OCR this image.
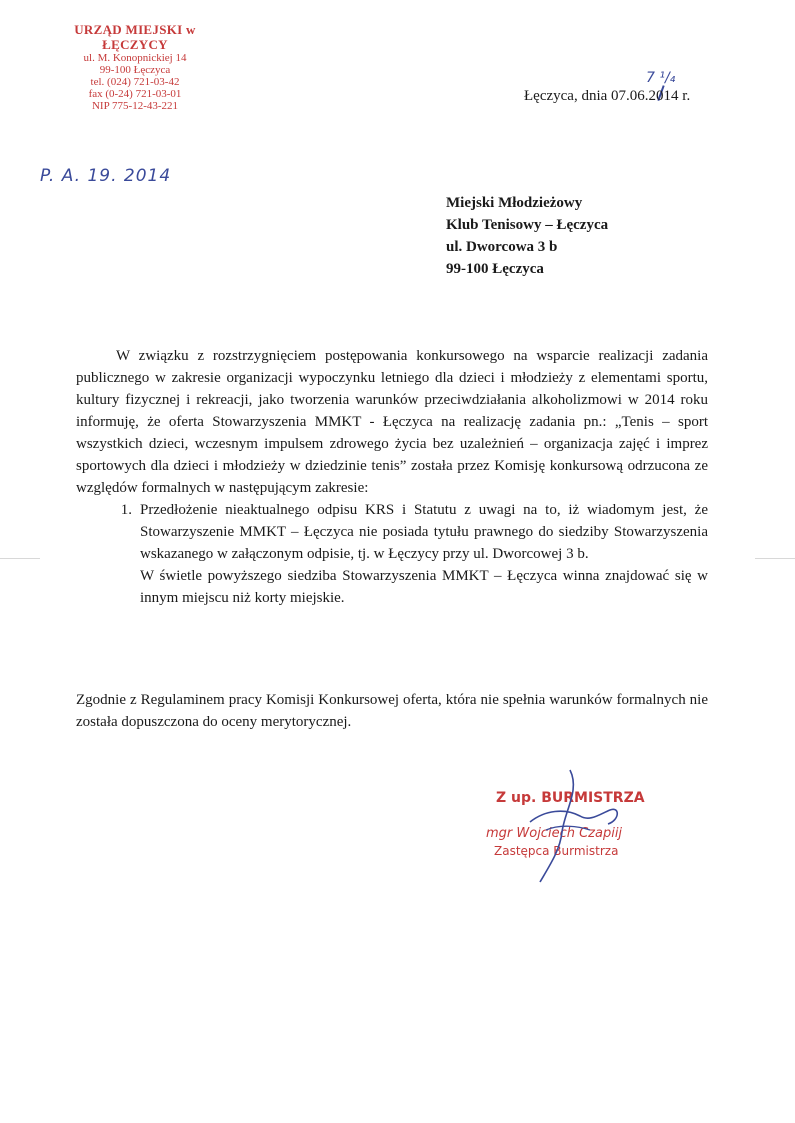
URZĄD MIEJSKI w ŁĘCZYCY
ul. M. Konopnickiej 14
99-100 Łęczyca
tel. (024) 721-03-42
fax (0-24) 721-03-01
NIP 775-12-43-221
7 ¹/₄
Łęczyca, dnia 07.06.2014 r.
P. A. 19. 2014
Miejski Młodzieżowy
Klub Tenisowy – Łęczyca
ul. Dworcowa 3 b
99-100 Łęczyca

W związku z rozstrzygnięciem postępowania konkursowego na wsparcie realizacji zadania publicznego w zakresie organizacji wypoczynku letniego dla dzieci i młodzieży z elementami sportu, kultury fizycznej i rekreacji, jako tworzenia warunków przeciwdziałania alkoholizmowi w 2014 roku informuję, że oferta Stowarzyszenia MMKT - Łęczyca na realizację zadania pn.: „Tenis – sport wszystkich dzieci, wczesnym impulsem zdrowego życia bez uzależnień – organizacja zajęć i imprez sportowych dla dzieci i młodzieży w dziedzinie tenis” została przez Komisję konkursową odrzucona ze względów formalnych w następującym zakresie:

1. Przedłożenie nieaktualnego odpisu KRS i Statutu z uwagi na to, iż wiadomym jest, że Stowarzyszenie MMKT – Łęczyca nie posiada tytułu prawnego do siedziby Stowarzyszenia wskazanego w załączonym odpisie, tj. w Łęczycy przy ul. Dworcowej 3 b.

W świetle powyższego siedziba Stowarzyszenia MMKT – Łęczyca winna znajdować się w innym miejscu niż korty miejskie.

Zgodnie z Regulaminem pracy Komisji Konkursowej oferta, która nie spełnia warunków formalnych nie została dopuszczona do oceny merytorycznej.

Z up. BURMISTRZA
mgr Wojciech Czapiij
Zastępca Burmistrza
